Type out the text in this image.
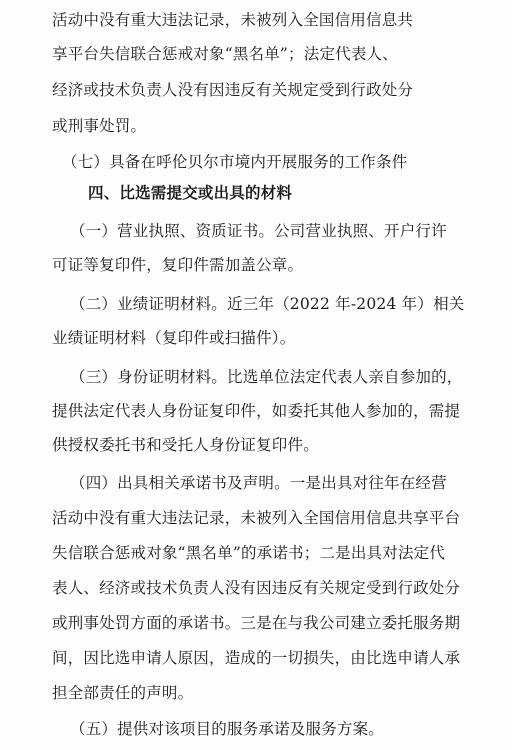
活动中没有重大违法记录，未被列入全国信用信息共
享平台失信联合惩戒对象“黑名单”；法定代表人、
经济或技术负责人没有因违反有关规定受到行政处分
或刑事处罚。
（七）具备在呼伦贝尔市境内开展服务的工作条件
四、比选需提交或出具的材料
（一）营业执照、资质证书。公司营业执照、开户行许
可证等复印件，复印件需加盖公章。
（二）业绩证明材料。近三年（2022 年-2024 年）相关
业绩证明材料（复印件或扫描件）。
（三）身份证明材料。比选单位法定代表人亲自参加的，
提供法定代表人身份证复印件，如委托其他人参加的，需提
供授权委托书和受托人身份证复印件。
（四）出具相关承诺书及声明。一是出具对往年在经营
活动中没有重大违法记录，未被列入全国信用信息共享平台
失信联合惩戒对象“黑名单”的承诺书；二是出具对法定代
表人、经济或技术负责人没有因违反有关规定受到行政处分
或刑事处罚方面的承诺书。三是在与我公司建立委托服务期
间，因比选申请人原因，造成的一切损失，由比选申请人承
担全部责任的声明。
（五）提供对该项目的服务承诺及服务方案。
